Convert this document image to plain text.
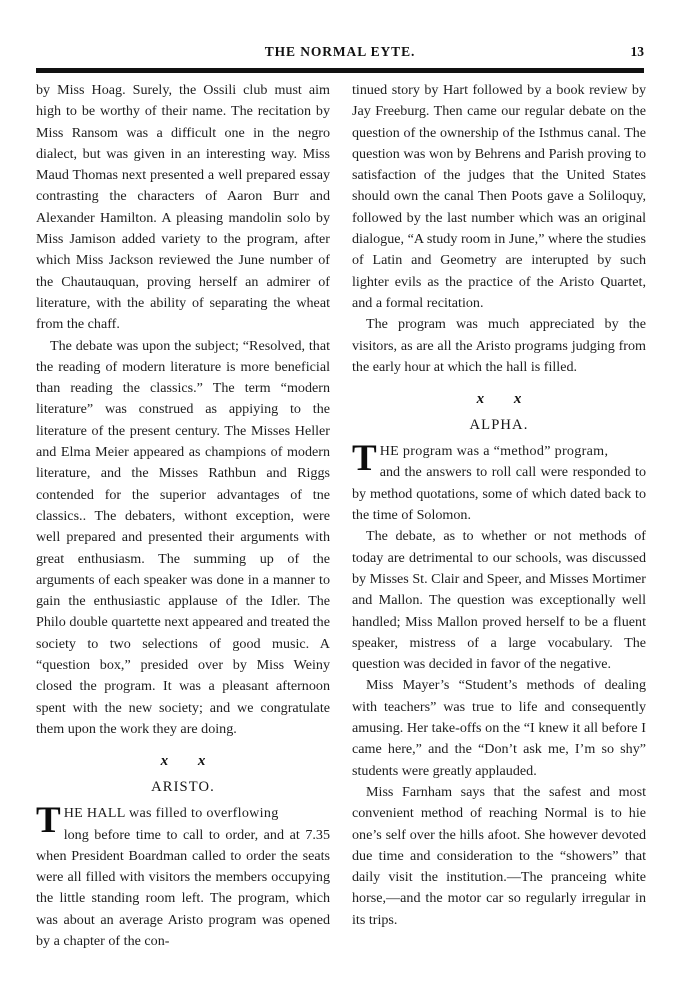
THE NORMAL EYTE.	13

by Miss Hoag. Surely, the Ossili club must aim high to be worthy of their name. The recitation by Miss Ransom was a difficult one in the negro dialect, but was given in an interesting way. Miss Maud Thomas next presented a well prepared essay contrasting the characters of Aaron Burr and Alexander Hamilton. A pleasing mandolin solo by Miss Jamison added variety to the program, after which Miss Jackson reviewed the June number of the Chautauquan, proving herself an admirer of literature, with the ability of separating the wheat from the chaff.

The debate was upon the subject; “Resolved, that the reading of modern literature is more beneficial than reading the classics.” The term “modern literature” was construed as appiying to the literature of the present century. The Misses Heller and Elma Meier appeared as champions of modern literature, and the Misses Rathbun and Riggs contended for the superior advantages of tne classics.. The debaters, withont exception, were well prepared and presented their arguments with great enthusiasm. The summing up of the arguments of each speaker was done in a manner to gain the enthusiastic applause of the Idler. The Philo double quartette next appeared and treated the society to two selections of good music. A “question box,” presided over by Miss Weiny closed the program. It was a pleasant afternoon spent with the new society; and we congratulate them upon the work they are doing.

x x
ARISTO.
THE HALL was filled to overflowing
long before time to call to order, and at 7.35 when President Boardman called to order the seats were all filled with visitors the members occupying the little standing room left. The program, which was about an average Aristo program was opened by a chapter of the con-

tinued story by Hart followed by a book review by Jay Freeburg. Then came our regular debate on the question of the ownership of the Isthmus canal. The question was won by Behrens and Parish proving to satisfaction of the judges that the United States should own the canal Then Poots gave a Soliloquy, followed by the last number which was an original dialogue, “A study room in June,” where the studies of Latin and Geometry are interupted by such lighter evils as the practice of the Aristo Quartet, and a formal recitation.

The program was much appreciated by the visitors, as are all the Aristo programs judging from the early hour at which the hall is filled.

x x
ALPHA.
THE program was a “method” program,
and the answers to roll call were responded to by method quotations, some of which dated back to the time of Solomon.

The debate, as to whether or not methods of today are detrimental to our schools, was discussed by Misses St. Clair and Speer, and Misses Mortimer and Mallon. The question was exceptionally well handled; Miss Mallon proved herself to be a fluent speaker, mistress of a large vocabulary. The question was decided in favor of the negative.

Miss Mayer’s “Student’s methods of dealing with teachers” was true to life and consequently amusing. Her take-offs on the “I knew it all before I came here,” and the “Don’t ask me, I’m so shy” students were greatly applauded.

Miss Farnham says that the safest and most convenient method of reaching Normal is to hie one’s self over the hills afoot. She however devoted due time and consideration to the “showers” that daily visit the institution.—The pranceing white horse,—and the motor car so regularly irregular in its trips.
